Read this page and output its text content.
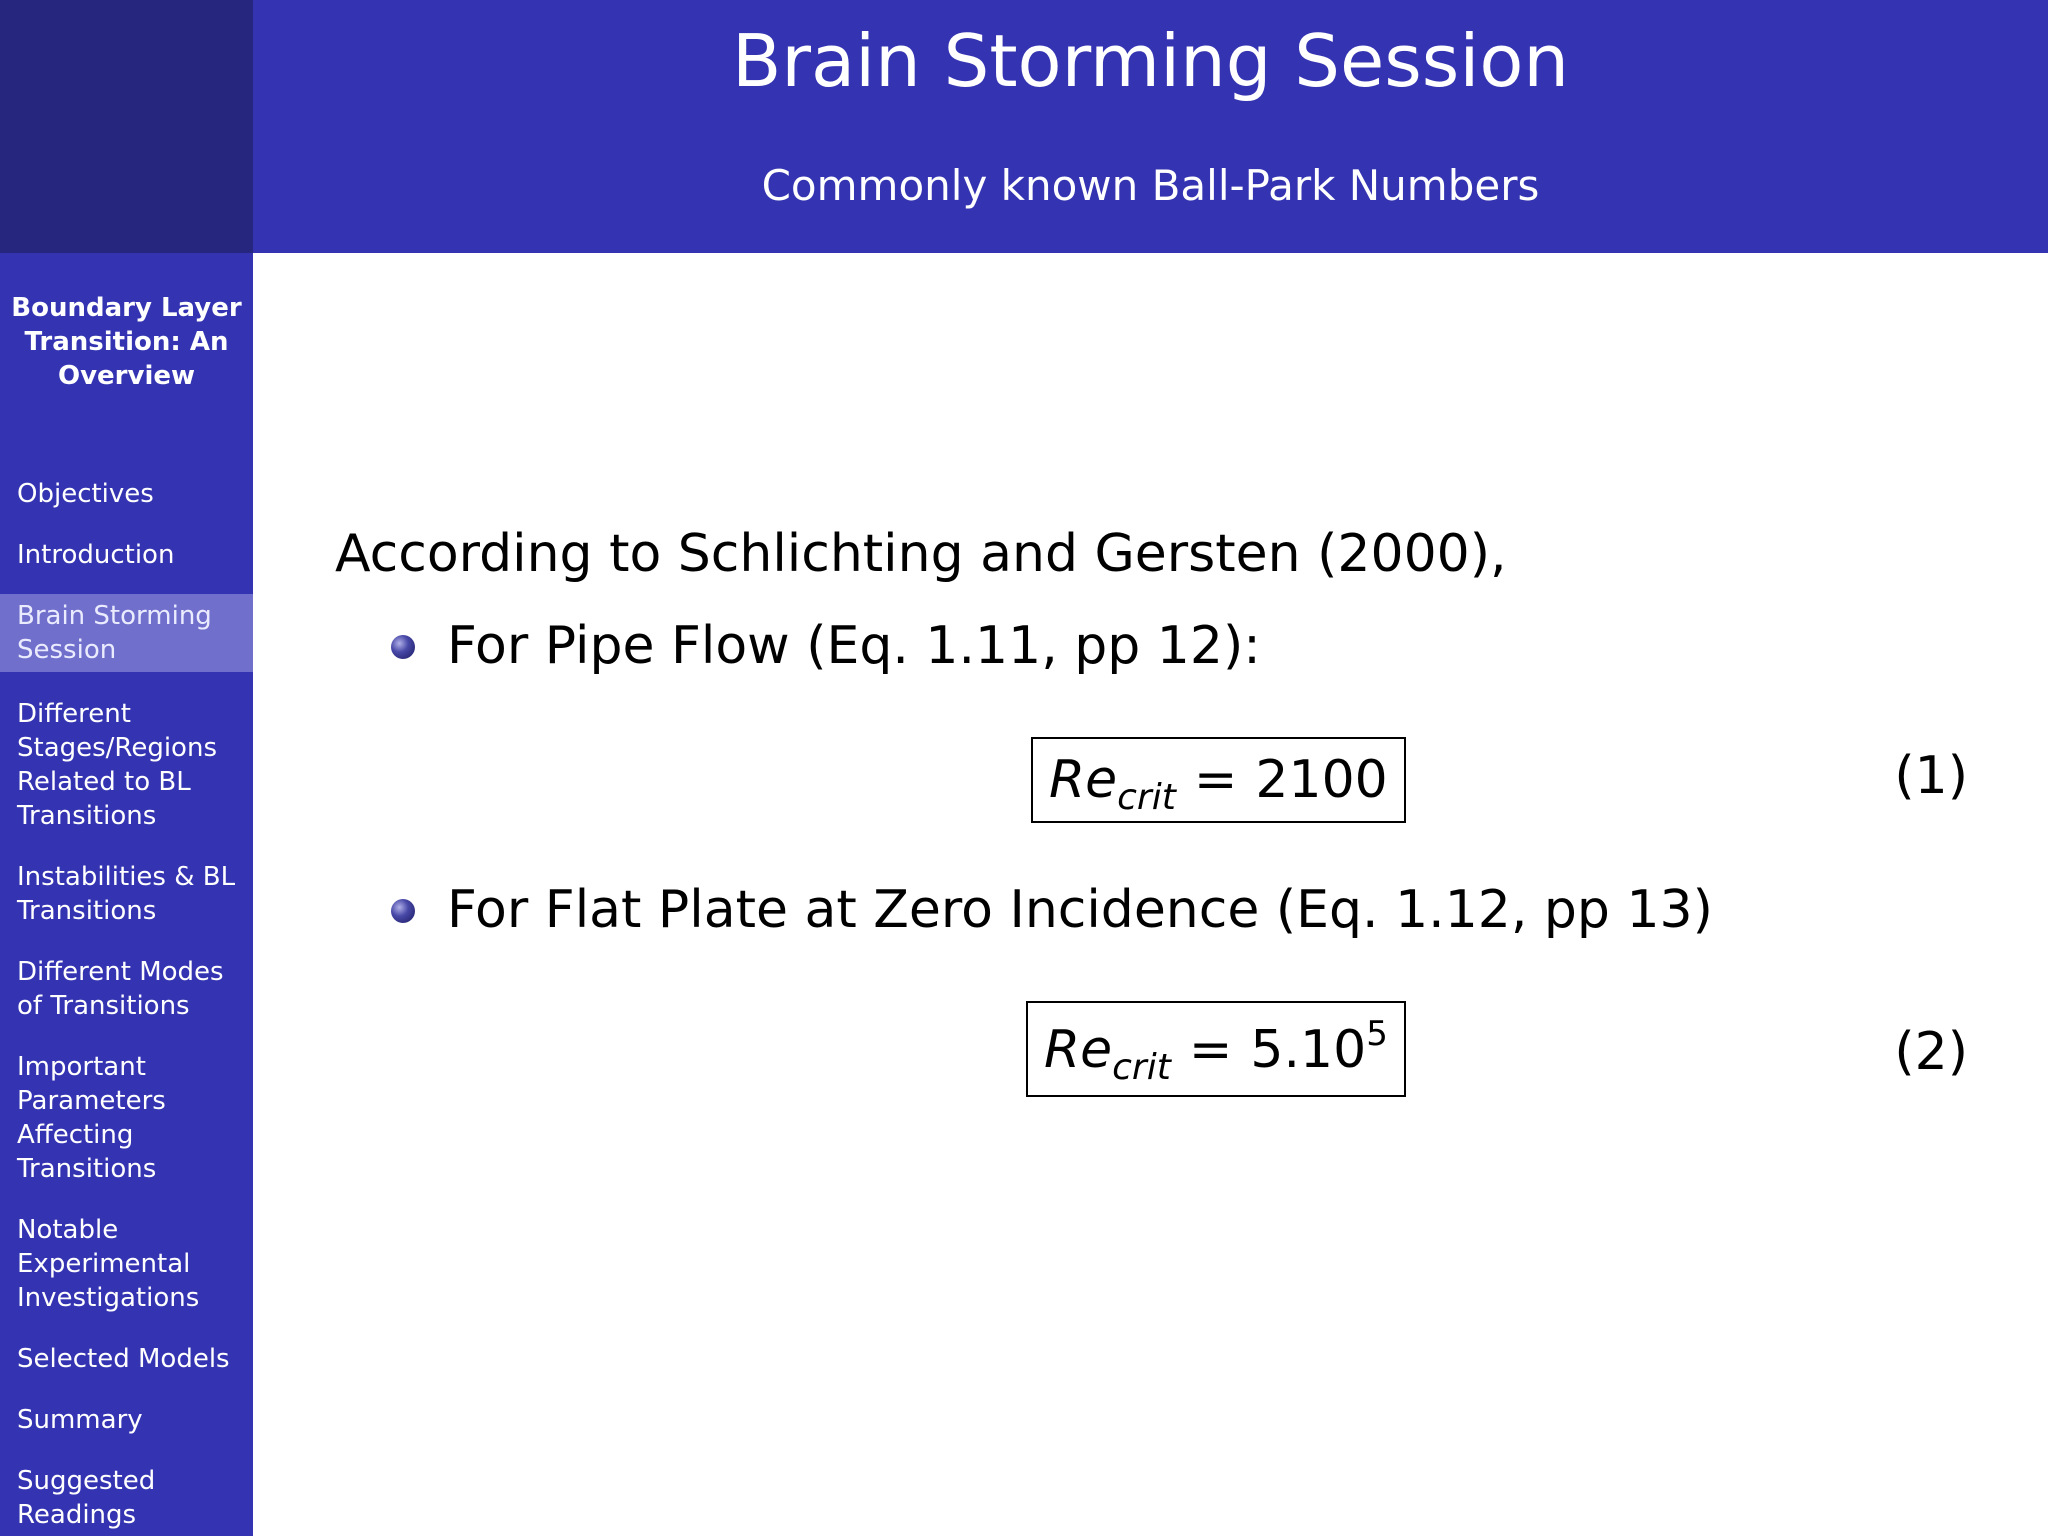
Brain Storming Session
Commonly known Ball-Park Numbers
Boundary Layer Transition: An Overview
Objectives
Introduction
Brain Storming Session
Different Stages/Regions Related to BL Transitions
Instabilities & BL Transitions
Different Modes of Transitions
Important Parameters Affecting Transitions
Notable Experimental Investigations
Selected Models
Summary
Suggested Readings
According to Schlichting and Gersten (2000),
For Pipe Flow (Eq. 1.11, pp 12):
$Re_{crit} = 2100$	(1)
For Flat Plate at Zero Incidence (Eq. 1.12, pp 13)
$Re_{crit} = 5.10^5$	(2)
